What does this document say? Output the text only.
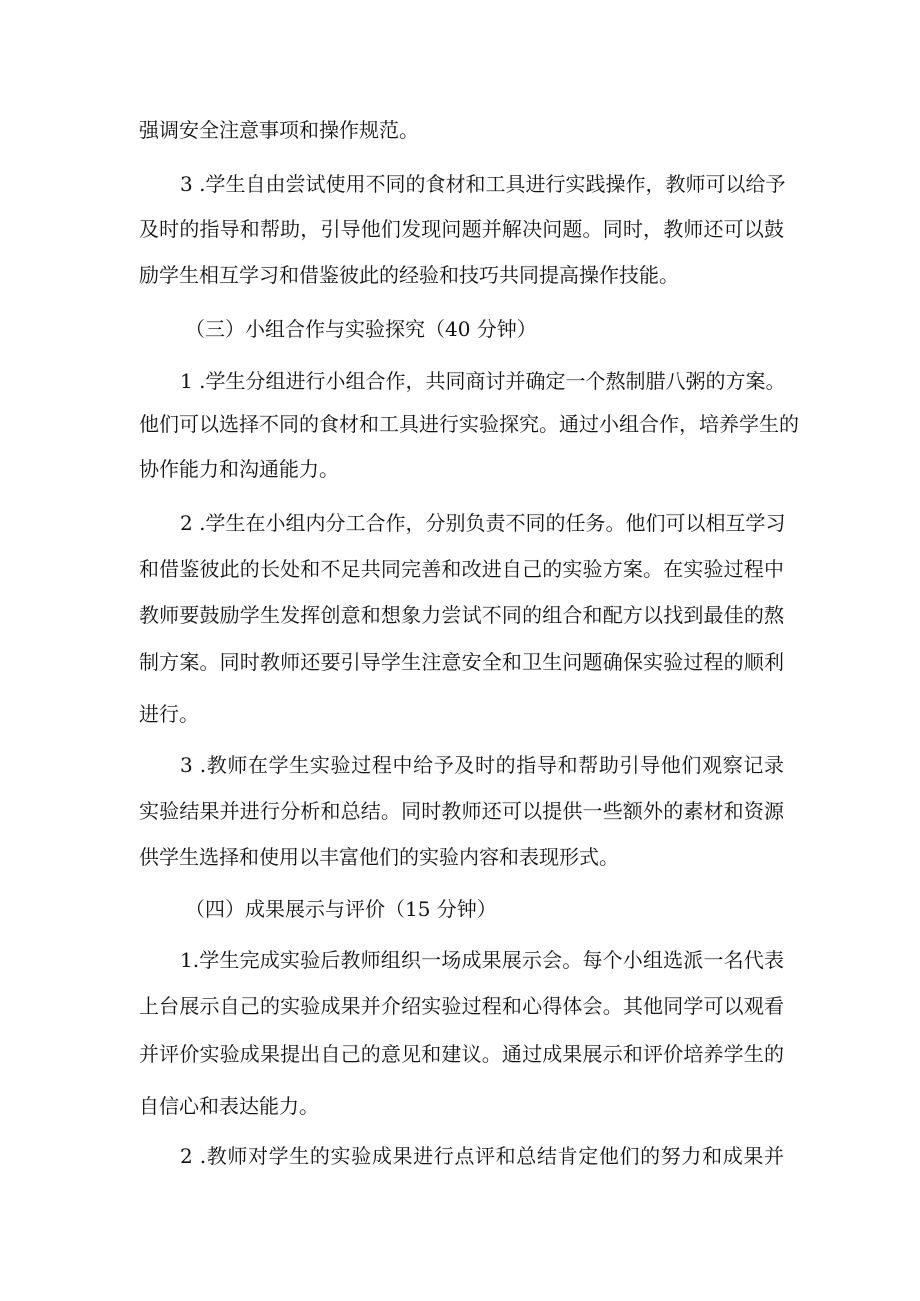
强调安全注意事项和操作规范。
3 .学生自由尝试使用不同的食材和工具进行实践操作，教师可以给予
及时的指导和帮助，引导他们发现问题并解决问题。同时，教师还可以鼓
励学生相互学习和借鉴彼此的经验和技巧共同提高操作技能。
（三）小组合作与实验探究（40 分钟）
1 .学生分组进行小组合作，共同商讨并确定一个熬制腊八粥的方案。
他们可以选择不同的食材和工具进行实验探究。通过小组合作，培养学生的
协作能力和沟通能力。
2 .学生在小组内分工合作，分别负责不同的任务。他们可以相互学习
和借鉴彼此的长处和不足共同完善和改进自己的实验方案。在实验过程中
教师要鼓励学生发挥创意和想象力尝试不同的组合和配方以找到最佳的熬
制方案。同时教师还要引导学生注意安全和卫生问题确保实验过程的顺利
进行。
3 .教师在学生实验过程中给予及时的指导和帮助引导他们观察记录
实验结果并进行分析和总结。同时教师还可以提供一些额外的素材和资源
供学生选择和使用以丰富他们的实验内容和表现形式。
（四）成果展示与评价（15 分钟）
1.学生完成实验后教师组织一场成果展示会。每个小组选派一名代表
上台展示自己的实验成果并介绍实验过程和心得体会。其他同学可以观看
并评价实验成果提出自己的意见和建议。通过成果展示和评价培养学生的
自信心和表达能力。
2 .教师对学生的实验成果进行点评和总结肯定他们的努力和成果并
